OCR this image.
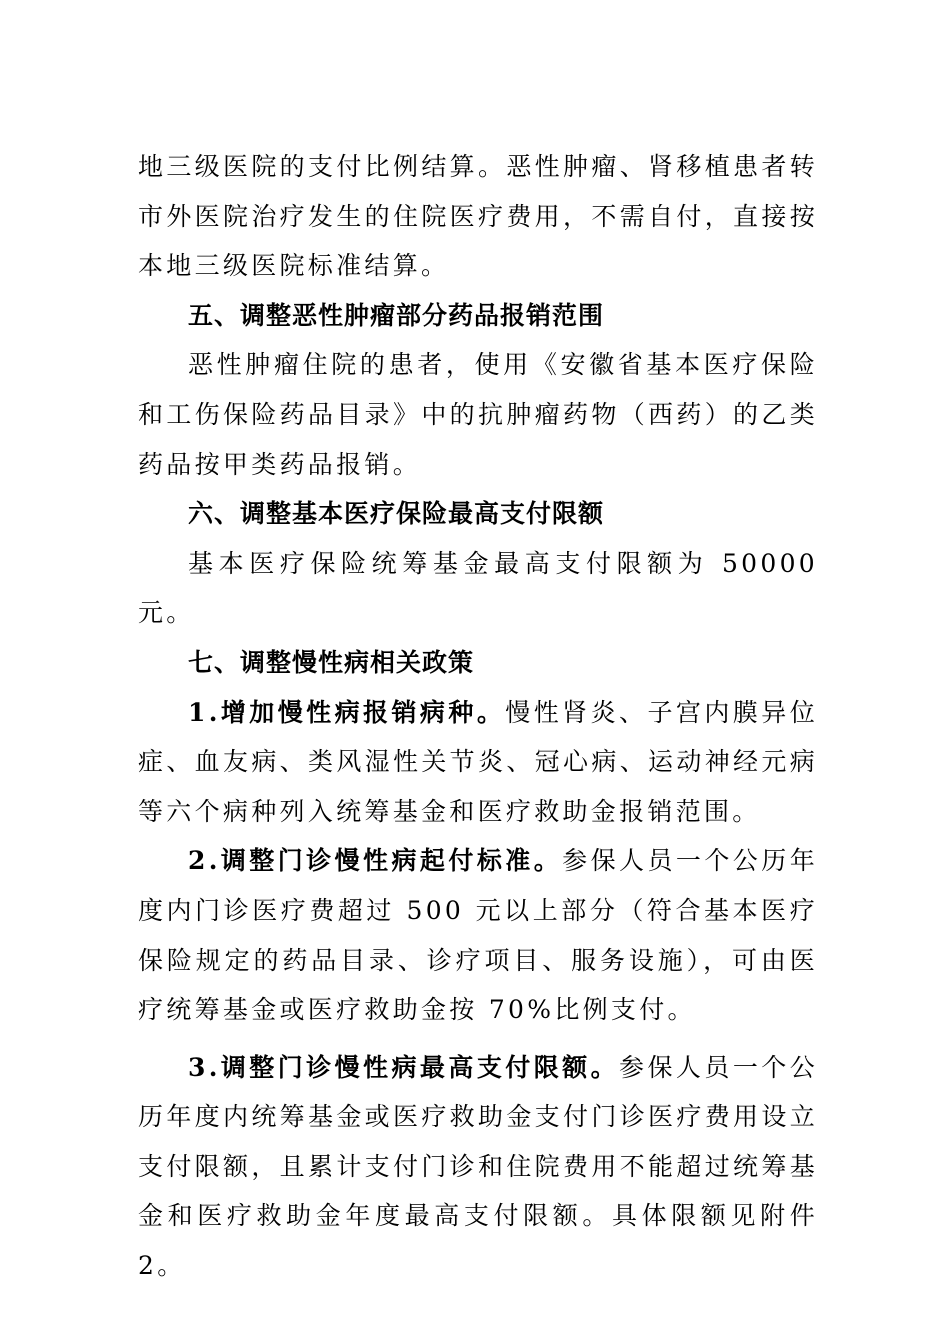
地三级医院的支付比例结算。恶性肿瘤、肾移植患者转市外医院治疗发生的住院医疗费用，不需自付，直接按本地三级医院标准结算。

五、调整恶性肿瘤部分药品报销范围

恶性肿瘤住院的患者，使用《安徽省基本医疗保险和工伤保险药品目录》中的抗肿瘤药物（西药）的乙类药品按甲类药品报销。

六、调整基本医疗保险最高支付限额

基本医疗保险统筹基金最高支付限额为 50000 元。

七、调整慢性病相关政策

1.增加慢性病报销病种。慢性肾炎、子宫内膜异位症、血友病、类风湿性关节炎、冠心病、运动神经元病等六个病种列入统筹基金和医疗救助金报销范围。

2.调整门诊慢性病起付标准。参保人员一个公历年度内门诊医疗费超过 500 元以上部分（符合基本医疗保险规定的药品目录、诊疗项目、服务设施），可由医疗统筹基金或医疗救助金按 70%比例支付。

3.调整门诊慢性病最高支付限额。参保人员一个公历年度内统筹基金或医疗救助金支付门诊医疗费用设立支付限额，且累计支付门诊和住院费用不能超过统筹基金和医疗救助金年度最高支付限额。具体限额见附件 2。
